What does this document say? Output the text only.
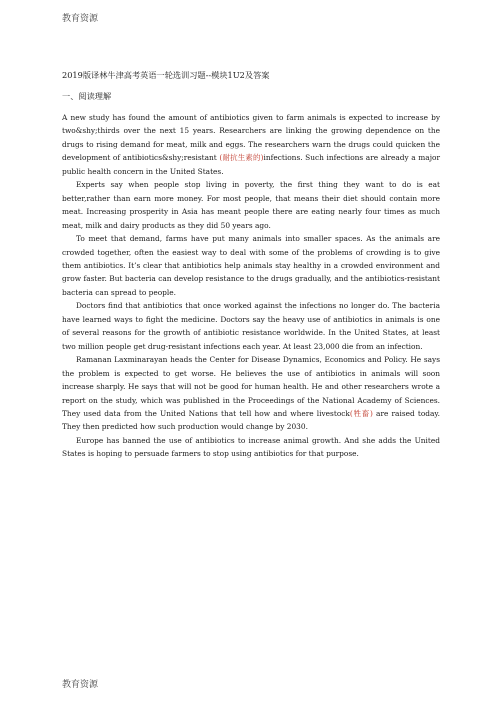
教育资源
2019版译林牛津高考英语一轮选训习题--模块1U2及答案
一、阅读理解

A new study has found the amount of antibiotics given to farm animals is expected to increase by two&shy;thirds over the next 15 years. Researchers are linking the growing dependence on the drugs to rising demand for meat, milk and eggs. The researchers warn the drugs could quicken the development of antibiotics&shy;resistant (耐抗生素的)infections. Such infections are already a major public health concern in the United States.

Experts say when people stop living in poverty, the first thing they want to do is eat better,rather than earn more money. For most people, that means their diet should contain more meat. Increasing prosperity in Asia has meant people there are eating nearly four times as much meat, milk and dairy products as they did 50 years ago.

To meet that demand, farms have put many animals into smaller spaces. As the animals are crowded together, often the easiest way to deal with some of the problems of crowding is to give them antibiotics. It’s clear that antibiotics help animals stay healthy in a crowded environment and grow faster. But bacteria can develop resistance to the drugs gradually, and the antibiotics-resistant bacteria can spread to people.

Doctors find that antibiotics that once worked against the infections no longer do. The bacteria have learned ways to fight the medicine. Doctors say the heavy use of antibiotics in animals is one of several reasons for the growth of antibiotic resistance worldwide. In the United States, at least two million people get drug-resistant infections each year. At least 23,000 die from an infection.

Ramanan Laxminarayan heads the Center for Disease Dynamics, Economics and Policy. He says the problem is expected to get worse. He believes the use of antibiotics in animals will soon increase sharply. He says that will not be good for human health. He and other researchers wrote a report on the study, which was published in the Proceedings of the National Academy of Sciences. They used data from the United Nations that tell how and where livestock(牲畜) are raised today. They then predicted how such production would change by 2030.

Europe has banned the use of antibiotics to increase animal growth. And she adds the United States is hoping to persuade farmers to stop using antibiotics for that purpose.

教育资源
